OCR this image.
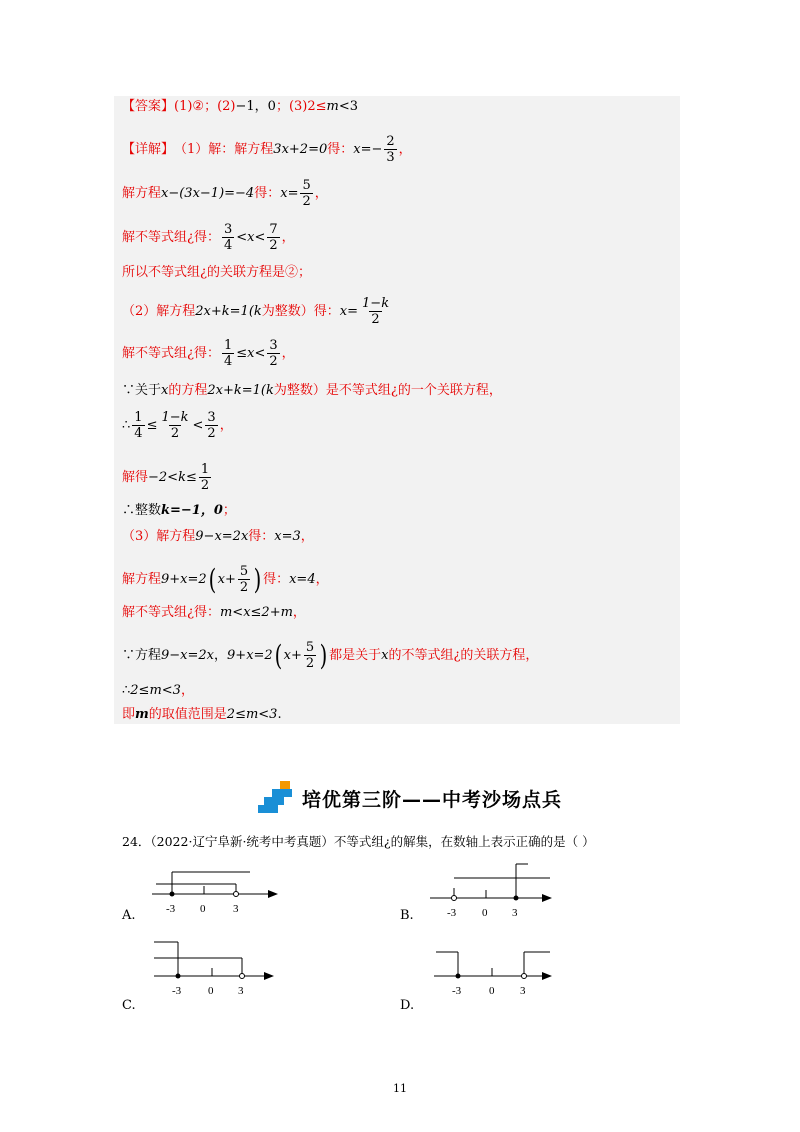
【答案】 (1)②；(2) −1，0 ；(3)2≤ m <3
【详解】 （1）解：解方程 3x+2=0 得： $x=- \frac{2}{3}$ ，
解方程 x−(3x−1)=−4 得： $x= \frac{5}{2}$ ，
解不等式组¿得： $\frac{3}{4} <x< \frac{7}{2}$ ，
所以不等式组¿的关联方程是②；
（2）解方程 2x+k=1( k 为整数）得： $x= \frac{1-k}{2}$
解不等式组¿得： $\frac{1}{4} \le x< \frac{3}{2}$ ，
∵关于 x 的方程 2x+k=1( k 为整数）是不等式组¿的一个关联方程，
∴ $\frac{1}{4} \le \frac{1-k}{2} < \frac{3}{2}$ ，
解得 $-2<k\le \frac{1}{2}$
∴整数 k=−1，0 ；
（3）解方程 9−x=2x 得： x=3 ，
解方程 9+x=2 ( $x+ \frac{5}{2}$ ) 得： x=4 ，
解不等式组¿得： m<x≤2+m ，
∵方程 9−x=2x ， 9+x=2 ( $x+ \frac{5}{2}$ ) 都是关于 x 的不等式组¿的关联方程，
∴ 2≤m<3 ，
即 m 的取值范围是 2≤m<3 .
培优第三阶——中考沙场点兵
24．（2022·辽宁阜新·统考中考真题）不等式组¿的解集，在数轴上表示正确的是（ ）
-3 0	3
A.	-3 0 3
B.
-3 0 3
C.
-3	0 3
D.
11
